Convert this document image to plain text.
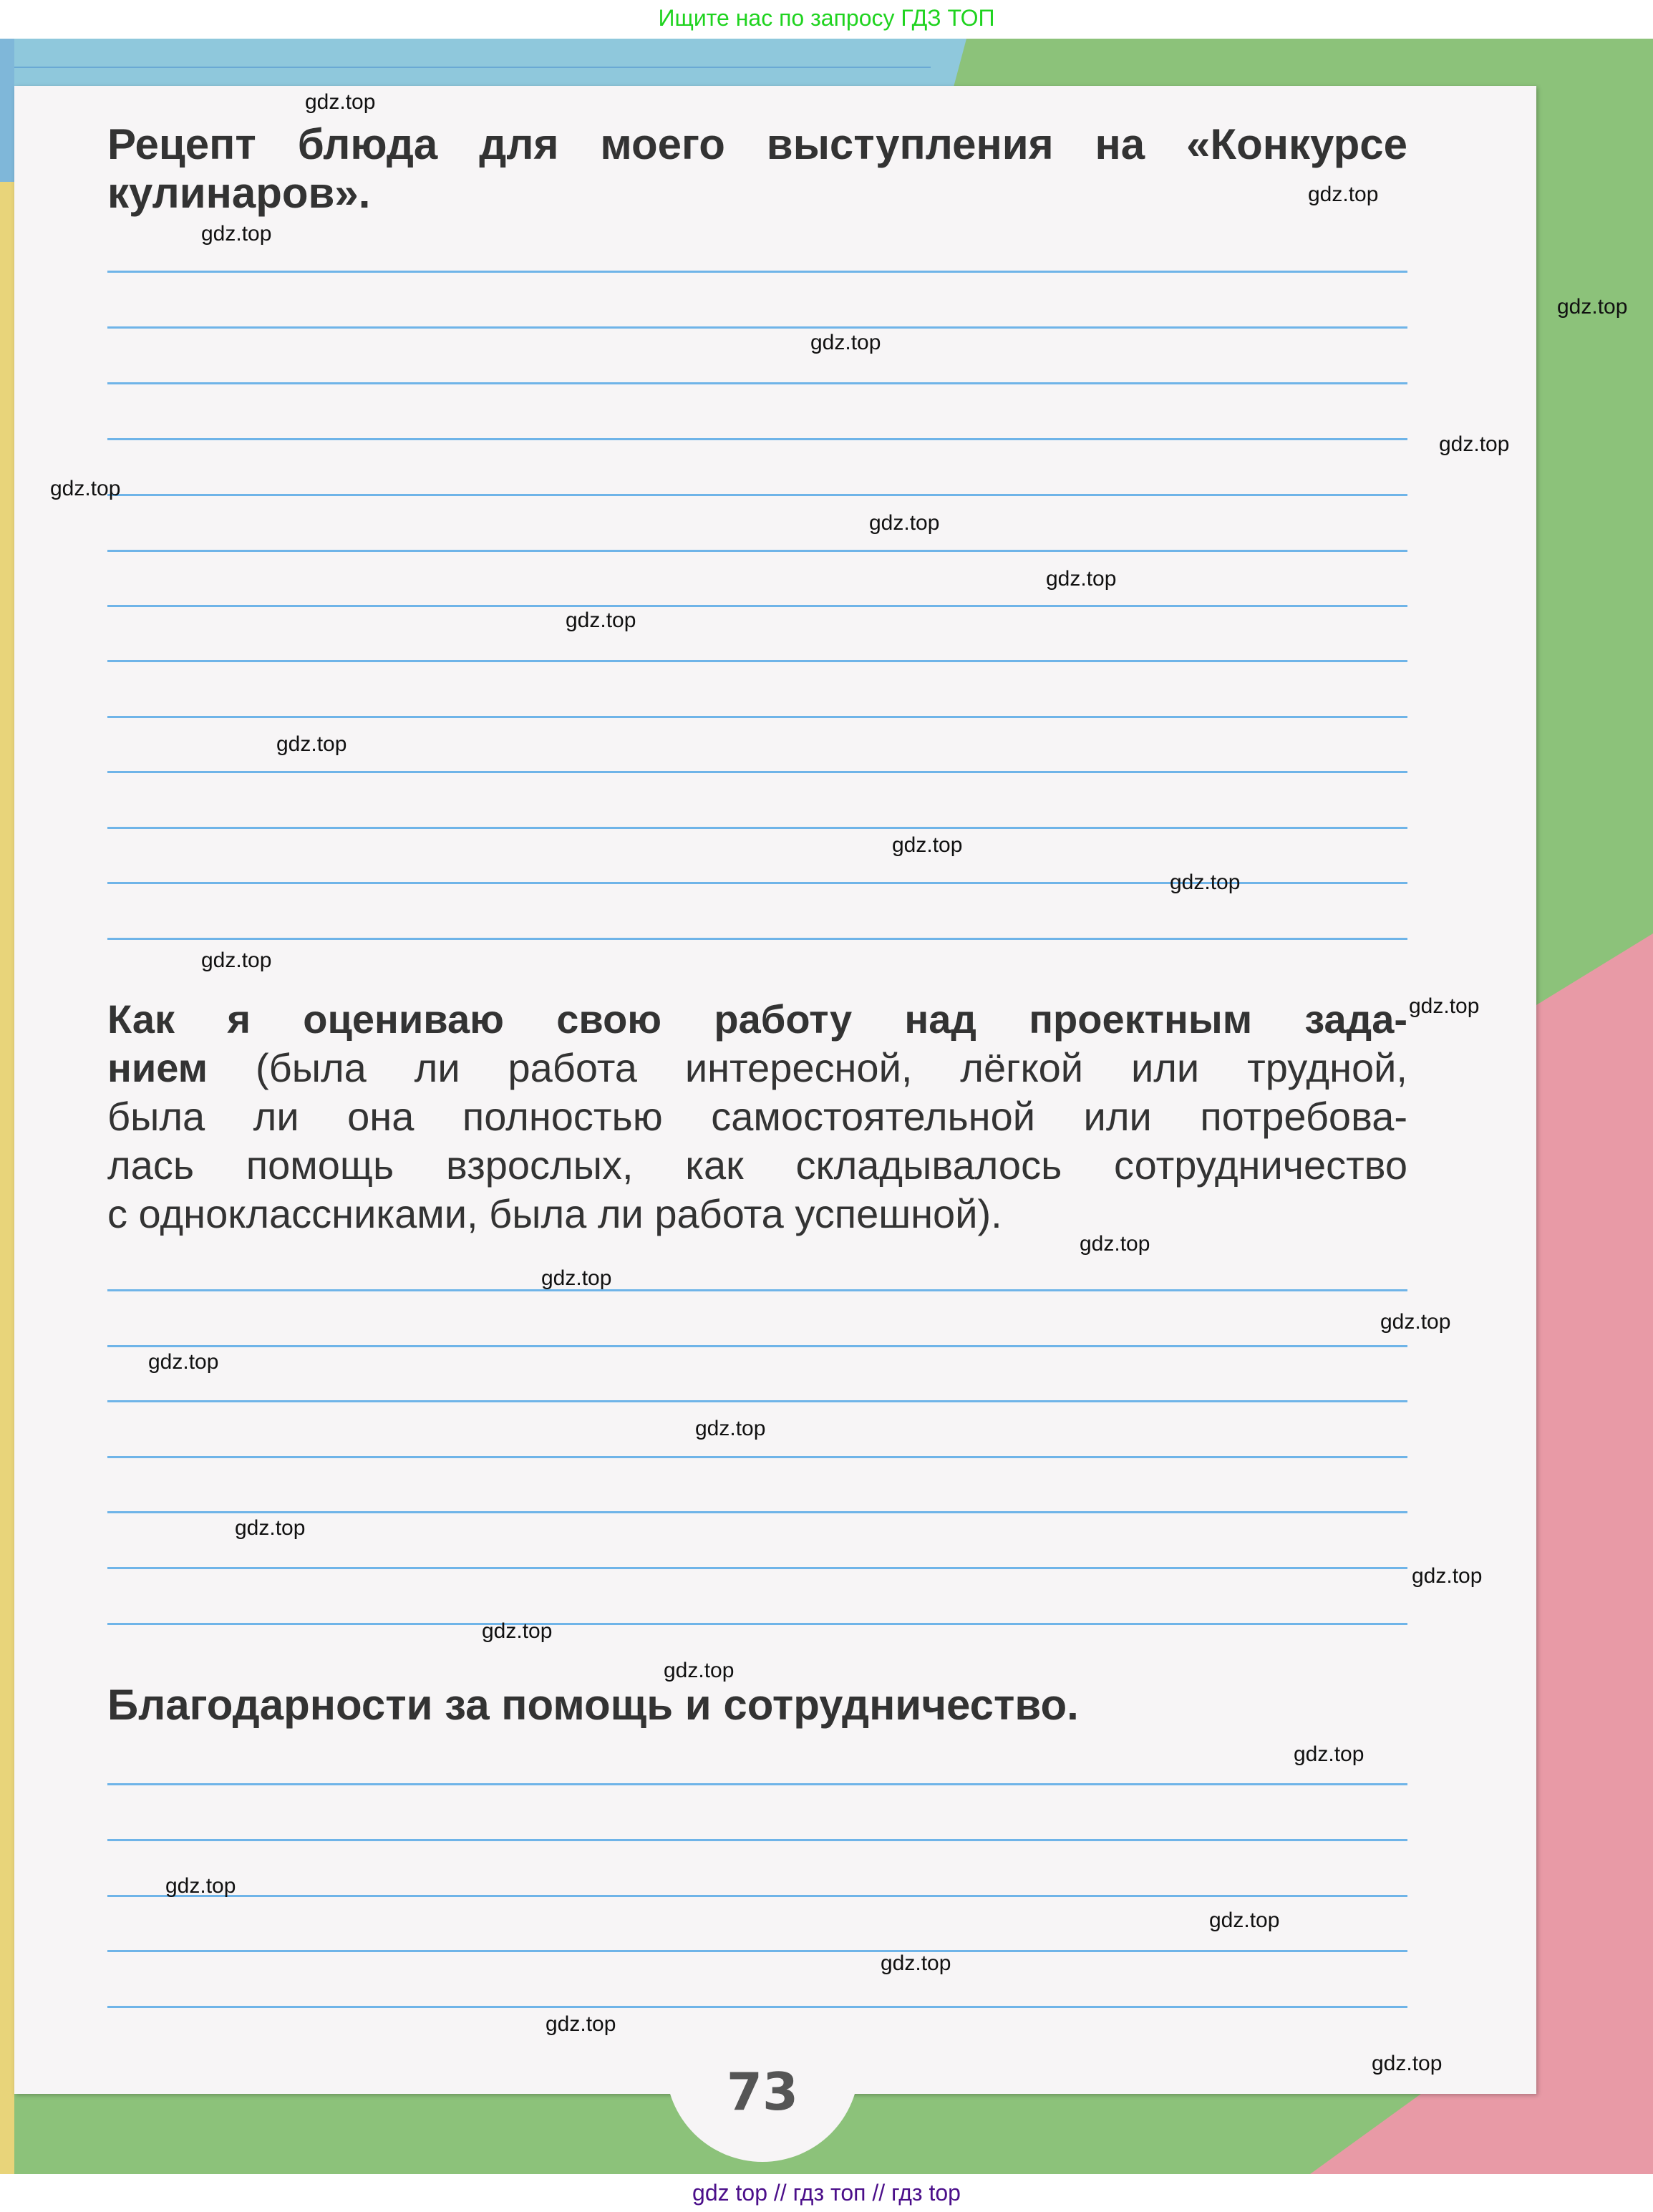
Ищите нас по запросу ГДЗ ТОП
73
Рецепт блюда для моего выступления на «Конкурсе
кулинаров».
Как я оцениваю свою работу над проектным зада-
нием (была ли работа интересной, лёгкой или трудной,
была ли она полностью самостоятельной или потребова-
лась помощь взрослых, как складывалось сотрудничество
с одноклассниками, была ли работа успешной).
Благодарности за помощь и сотрудничество.
gdz.top
gdz.top
gdz.top
gdz.top
gdz.top
gdz.top
gdz.top
gdz.top
gdz.top
gdz.top
gdz.top
gdz.top
gdz.top
gdz.top
gdz.top
gdz.top
gdz.top
gdz.top
gdz.top
gdz.top
gdz.top
gdz.top
gdz.top
gdz.top
gdz.top
gdz.top
gdz.top
gdz.top
gdz.top
gdz.top
gdz top // гдз топ // гдз top
